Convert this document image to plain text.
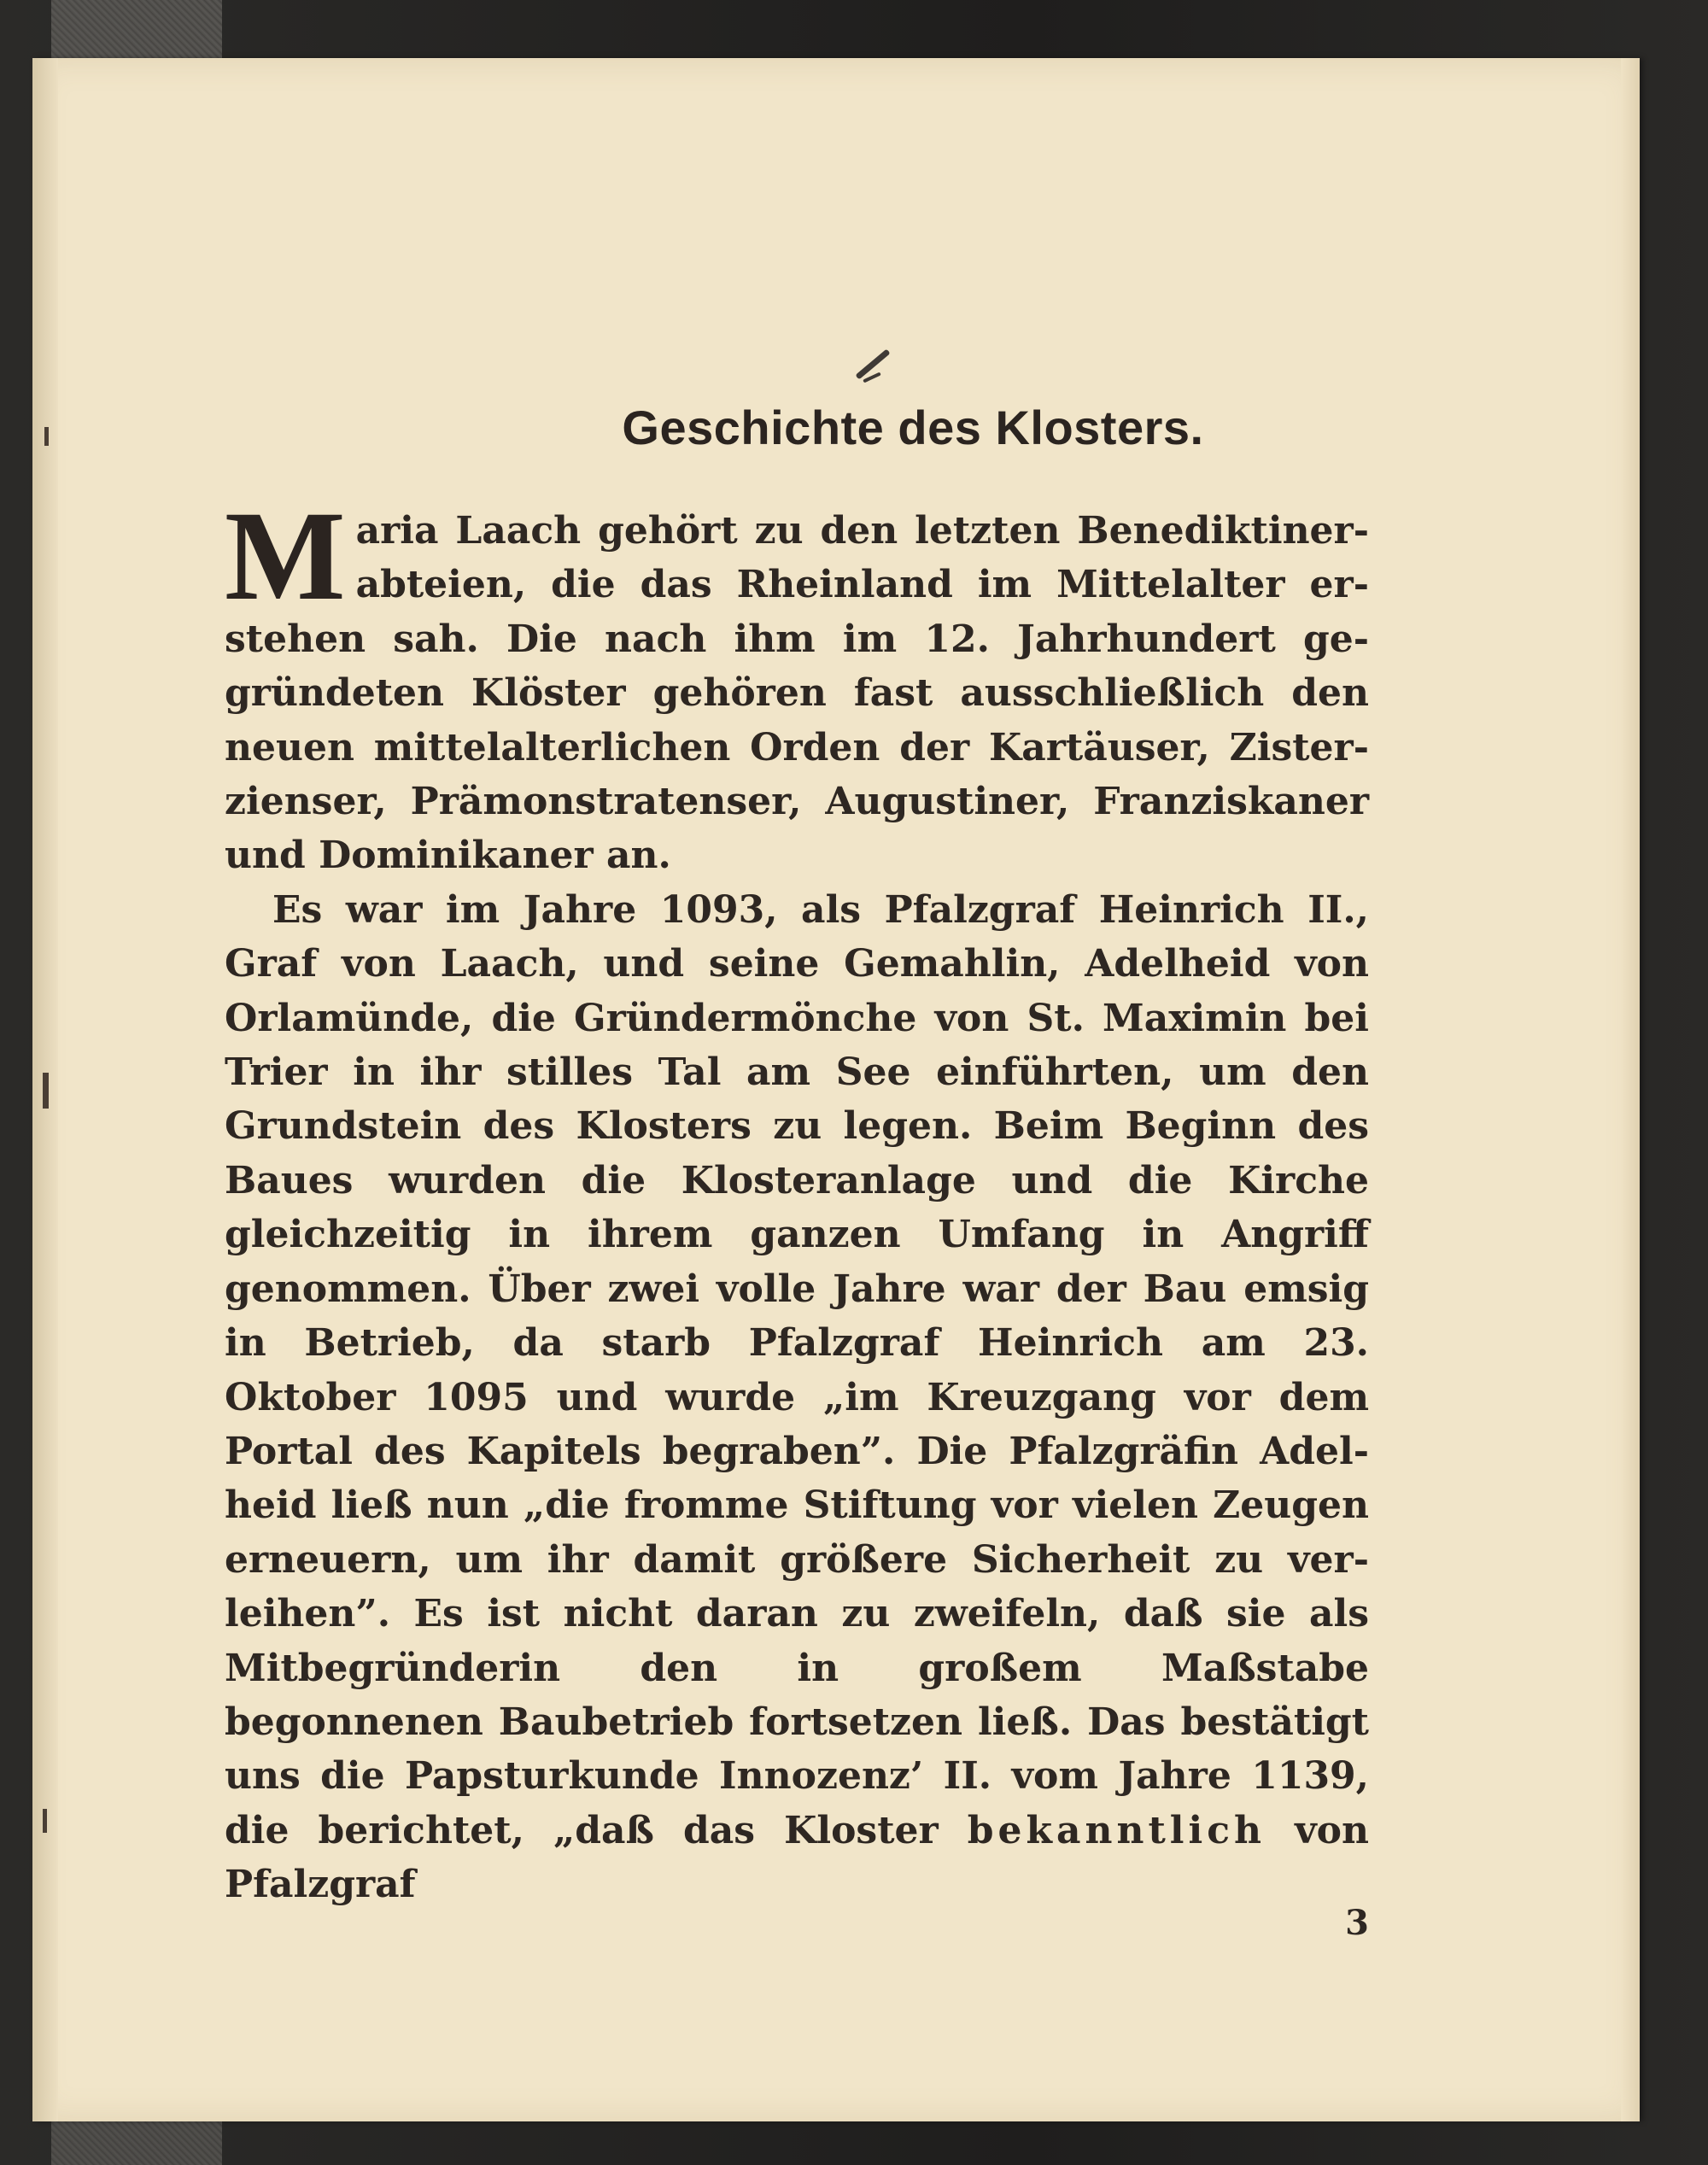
Geschichte des Klosters.

Maria Laach gehört zu den letzten Benediktinerabteien, die das Rheinland im Mittelalter erstehen sah. Die nach ihm im 12. Jahrhundert gegründeten Klöster gehören fast ausschließlich den neuen mittelalterlichen Orden der Kartäuser, Zisterzienser, Prämonstratenser, Augustiner, Franziskaner und Dominikaner an.

Es war im Jahre 1093, als Pfalzgraf Heinrich II., Graf von Laach, und seine Gemahlin, Adelheid von Orlamünde, die Gründermönche von St. Maximin bei Trier in ihr stilles Tal am See einführten, um den Grundstein des Klosters zu legen. Beim Beginn des Baues wurden die Klosteranlage und die Kirche gleichzeitig in ihrem ganzen Umfang in Angriff genommen. Über zwei volle Jahre war der Bau emsig in Betrieb, da starb Pfalzgraf Heinrich am 23. Oktober 1095 und wurde „im Kreuzgang vor dem Portal des Kapitels begraben”. Die Pfalzgräfin Adelheid ließ nun „die fromme Stiftung vor vielen Zeugen erneuern, um ihr damit größere Sicherheit zu verleihen”. Es ist nicht daran zu zweifeln, daß sie als Mitbegründerin den in großem Maßstabe begonnenen Baubetrieb fortsetzen ließ. Das bestätigt uns die Papsturkunde Innozenz’ II. vom Jahre 1139, die berichtet, „daß das Kloster bekanntlich von Pfalzgraf

3
